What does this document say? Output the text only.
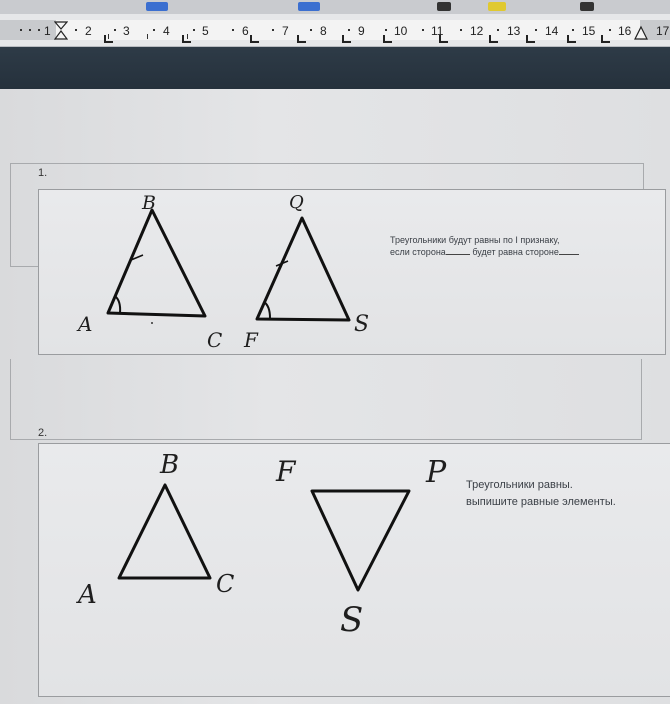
1	2	3	4	5	6	7	8	9 10 11 12 13 14 15 16 17
1.
Треугольники будут равны по I признаку,
если сторона	будет равна стороне
2.
Треугольники равны.
выпишите равные элементы.
B
A
C
Q
F
S
B
A	C
F	P
S
